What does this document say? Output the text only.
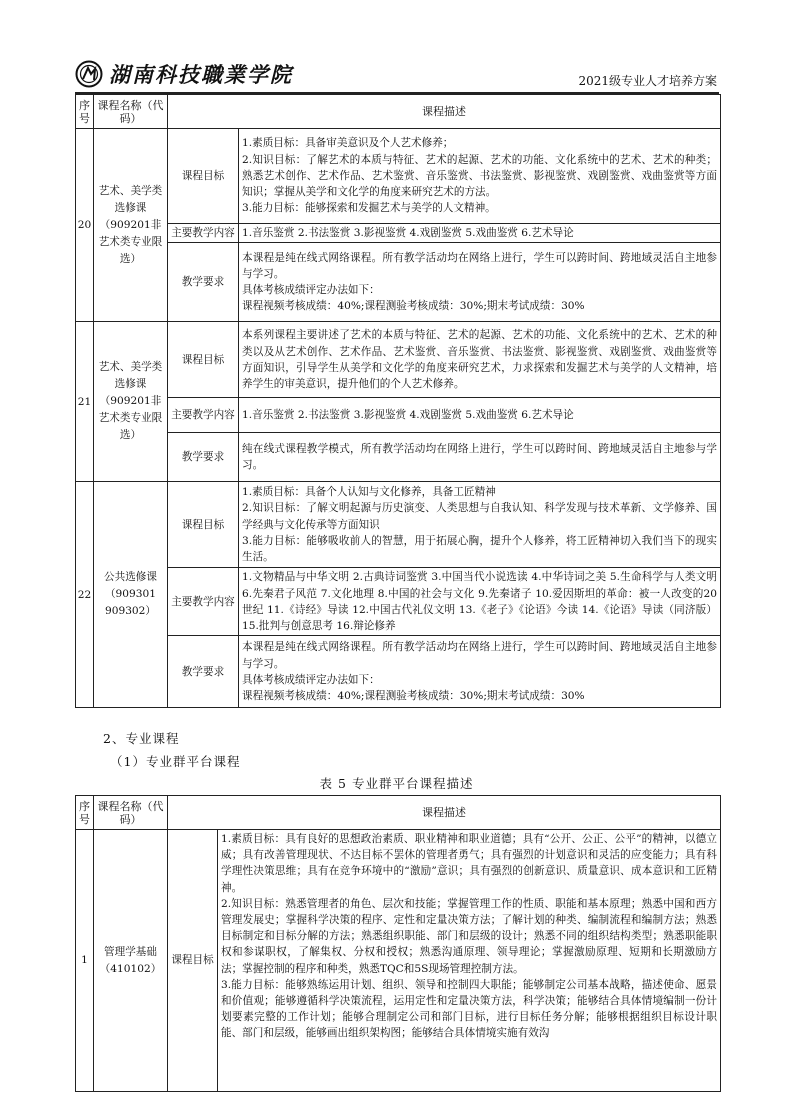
湖南科技職業学院	2021级专业人才培养方案
序号	课程名称（代码）	课程描述	
20	艺术、美学类选修课（909201非艺术类专业限选）	课程目标	1.素质目标：具备审美意识及个人艺术修养；
2.知识目标：了解艺术的本质与特征、艺术的起源、艺术的功能、文化系统中的艺术、艺术的种类；熟悉艺术创作、艺术作品、艺术鉴赏、音乐鉴赏、书法鉴赏、影视鉴赏、戏剧鉴赏、戏曲鉴赏等方面知识；掌握从美学和文化学的角度来研究艺术的方法。
3.能力目标：能够探索和发掘艺术与美学的人文精神。

		主要教学内容	1.音乐鉴赏 2.书法鉴赏 3.影视鉴赏 4.戏剧鉴赏 5.戏曲鉴赏 6.艺术导论
		教学要求	本课程是纯在线式网络课程。所有教学活动均在网络上进行，学生可以跨时间、跨地域灵活自主地参与学习。
具体考核成绩评定办法如下：
课程视频考核成绩：40%;课程测验考核成绩：30%;期末考试成绩：30%

21	艺术、美学类选修课（909201非艺术类专业限选）	课程目标	本系列课程主要讲述了艺术的本质与特征、艺术的起源、艺术的功能、文化系统中的艺术、艺术的种类以及从艺术创作、艺术作品、艺术鉴赏、音乐鉴赏、书法鉴赏、影视鉴赏、戏剧鉴赏、戏曲鉴赏等方面知识，引导学生从美学和文化学的角度来研究艺术，力求探索和发掘艺术与美学的人文精神，培养学生的审美意识，提升他们的个人艺术修养。

		主要教学内容	1.音乐鉴赏 2.书法鉴赏 3.影视鉴赏 4.戏剧鉴赏 5.戏曲鉴赏 6.艺术导论
		教学要求	纯在线式课程教学模式，所有教学活动均在网络上进行，学生可以跨时间、跨地域灵活自主地参与学习。

22	公共选修课（909301 909302）	课程目标	1.素质目标：具备个人认知与文化修养，具备工匠精神
2.知识目标：了解文明起源与历史演变、人类思想与自我认知、科学发现与技术革新、文学修养、国学经典与文化传承等方面知识
3.能力目标：能够吸收前人的智慧，用于拓展心胸，提升个人修养，将工匠精神切入我们当下的现实生活。

		主要教学内容	1.文物精品与中华文明 2.古典诗词鉴赏 3.中国当代小说选读 4.中华诗词之美 5.生命科学与人类文明 6.先秦君子风范 7.文化地理 8.中国的社会与文化 9.先秦诸子 10.爱因斯坦的革命：被一人改变的20世纪 11.《诗经》导读 12.中国古代礼仪文明 13.《老子》《论语》今读 14.《论语》导读（同济版）15.批判与创意思考 16.辩论修养
		教学要求	本课程是纯在线式网络课程。所有教学活动均在网络上进行，学生可以跨时间、跨地域灵活自主地参与学习。
具体考核成绩评定办法如下：
课程视频考核成绩：40%;课程测验考核成绩：30%;期末考试成绩：30%
2、专业课程
（1）专业群平台课程
表 5 专业群平台课程描述
序号	课程名称（代码）	课程描述	
1	管理学基础（410102）	课程目标	1.素质目标：具有良好的思想政治素质、职业精神和职业道德；具有“公开、公正、公平”的精神，以德立威；具有改善管理现状、不达目标不罢休的管理者勇气；具有强烈的计划意识和灵活的应变能力；具有科学理性决策思维；具有在竞争环境中的“激励”意识；具有强烈的创新意识、质量意识、成本意识和工匠精神。
2.知识目标：熟悉管理者的角色、层次和技能；掌握管理工作的性质、职能和基本原理；熟悉中国和西方管理发展史；掌握科学决策的程序、定性和定量决策方法；了解计划的种类、编制流程和编制方法；熟悉目标制定和目标分解的方法；熟悉组织职能、部门和层级的设计；熟悉不同的组织结构类型；熟悉职能职权和参谋职权，了解集权、分权和授权；熟悉沟通原理、领导理论；掌握激励原理、短期和长期激励方法；掌握控制的程序和种类，熟悉TQC和5S现场管理控制方法。
3.能力目标：能够熟练运用计划、组织、领导和控制四大职能；能够制定公司基本战略，描述使命、愿景和价值观；能够遵循科学决策流程，运用定性和定量决策方法，科学决策；能够结合具体情境编制一份计划要素完整的工作计划；能够合理制定公司和部门目标，进行目标任务分解；能够根据组织目标设计职能、部门和层级，能够画出组织架构图；能够结合具体情境实施有效沟
